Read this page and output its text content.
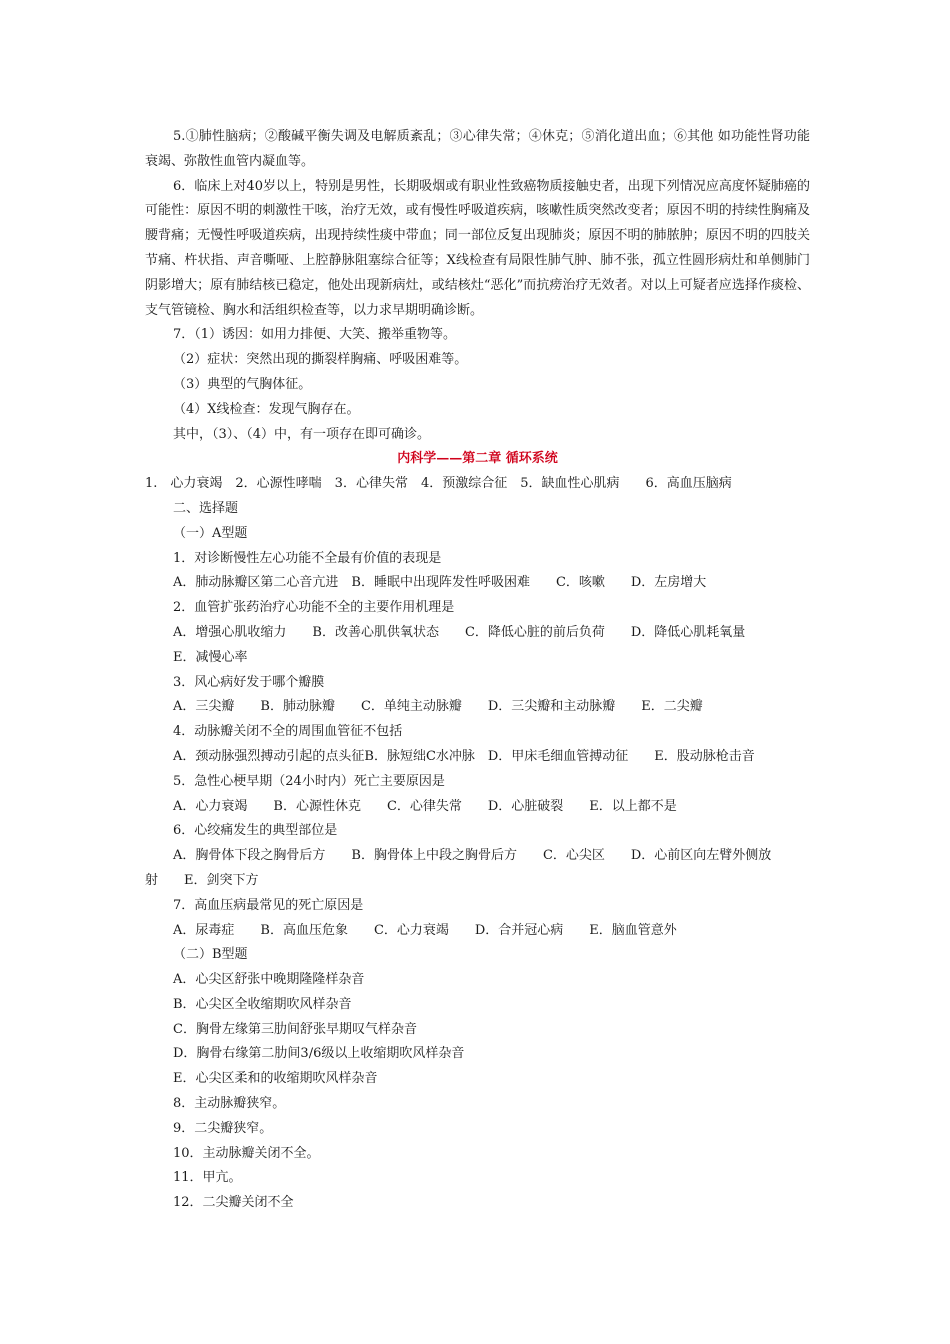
5.①肺性脑病；②酸碱平衡失调及电解质紊乱；③心律失常；④休克；⑤消化道出血；⑥其他 如功能性肾功能衰竭、弥散性血管内凝血等。
6．临床上对40岁以上，特别是男性，长期吸烟或有职业性致癌物质接触史者，出现下列情况应高度怀疑肺癌的可能性：原因不明的刺激性干咳，治疗无效，或有慢性呼吸道疾病，咳嗽性质突然改变者；原因不明的持续性胸痛及腰背痛；无慢性呼吸道疾病，出现持续性痰中带血；同一部位反复出现肺炎；原因不明的肺脓肿；原因不明的四肢关节痛、杵状指、声音嘶哑、上腔静脉阻塞综合征等；X线检查有局限性肺气肿、肺不张，孤立性圆形病灶和单侧肺门阴影增大；原有肺结核已稳定，他处出现新病灶，或结核灶“恶化”而抗痨治疗无效者。对以上可疑者应选择作痰检、支气管镜检、胸水和活组织检查等，以力求早期明确诊断。
7．（1）诱因：如用力排便、大笑、搬举重物等。
（2）症状：突然出现的撕裂样胸痛、呼吸困难等。
（3）典型的气胸体征。
（4）X线检查：发现气胸存在。
其中，（3）、（4）中，有一项存在即可确诊。
内科学——第二章 循环系统
1.　心力衰竭　2．心源性哮喘　3．心律失常　4．预激综合征　5．缺血性心肌病　　6．高血压脑病
二、选择题
（一）A型题
1．对诊断慢性左心功能不全最有价值的表现是
A．肺动脉瓣区第二心音亢进　B．睡眠中出现阵发性呼吸困难　　C．咳嗽　　D．左房增大
2．血管扩张药治疗心功能不全的主要作用机理是
A．增强心肌收缩力　　B．改善心肌供氧状态　　C．降低心脏的前后负荷　　D．降低心肌耗氧量
E．减慢心率
3．风心病好发于哪个瓣膜
A．三尖瓣　　B．肺动脉瓣　　C．单纯主动脉瓣　　D．三尖瓣和主动脉瓣　　E．二尖瓣
4．动脉瓣关闭不全的周围血管征不包括
A．颈动脉强烈搏动引起的点头征B．脉短绌C水冲脉　D．甲床毛细血管搏动征　　E．股动脉枪击音
5．急性心梗早期（24小时内）死亡主要原因是
A．心力衰竭　　B．心源性休克　　C．心律失常　　D．心脏破裂　　E．以上都不是
6．心绞痛发生的典型部位是
A．胸骨体下段之胸骨后方　　B．胸骨体上中段之胸骨后方　　C．心尖区　　D．心前区向左臂外侧放
射　　E．剑突下方
7．高血压病最常见的死亡原因是
A．尿毒症　　B．高血压危象　　C．心力衰竭　　D．合并冠心病　　E．脑血管意外
（二）B型题
A．心尖区舒张中晚期隆隆样杂音
B．心尖区全收缩期吹风样杂音
C．胸骨左缘第三肋间舒张早期叹气样杂音
D．胸骨右缘第二肋间3/6级以上收缩期吹风样杂音
E．心尖区柔和的收缩期吹风样杂音
8．主动脉瓣狭窄。
9．二尖瓣狭窄。
10．主动脉瓣关闭不全。
11．甲亢。
12．二尖瓣关闭不全
